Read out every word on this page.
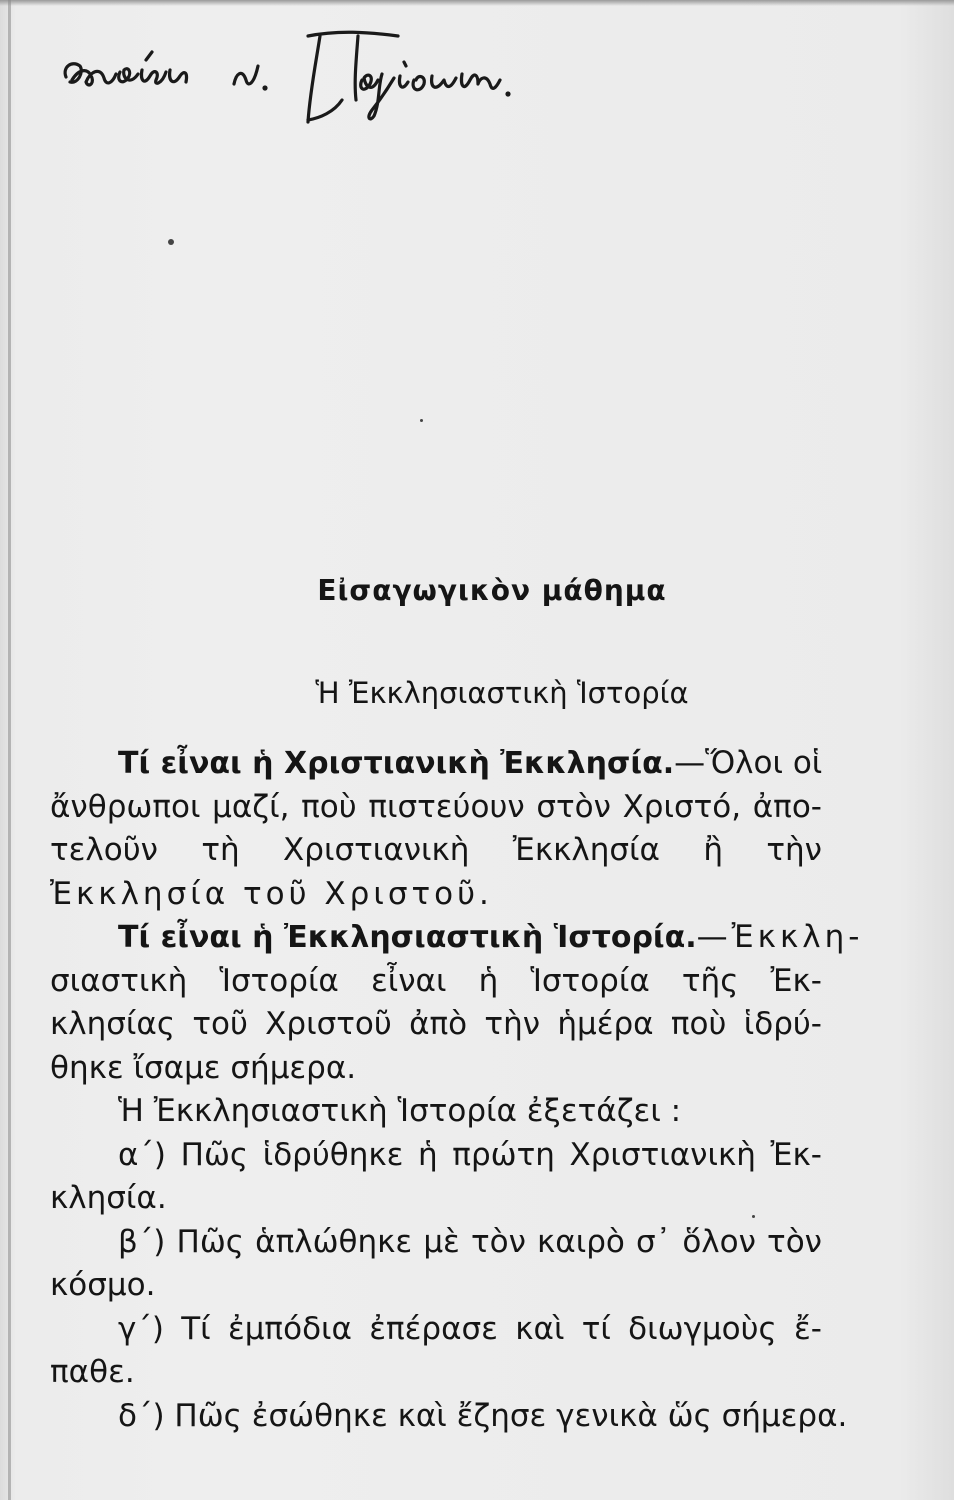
Εἰσαγωγικὸν μάθημα
Ἡ Ἐκκλησιαστικὴ Ἱστορία
Τί εἶναι ἡ Χριστιανικὴ Ἐκκλησία.—Ὅλοι οἱ
ἄνθρωποι μαζί, ποὺ πιστεύουν στὸν Χριστό, ἀπο-
τελοῦν τὴ Χριστιανικὴ Ἐκκλησία ἢ τὴν
Ἐκκλησία τοῦ Χριστοῦ.
Τί εἶναι ἡ Ἐκκλησιαστικὴ Ἱστορία.—Ἐκκλη-
σιαστικὴ Ἱστορία εἶναι ἡ Ἱστορία τῆς Ἐκ-
κλησίας τοῦ Χριστοῦ ἀπὸ τὴν ἡμέρα ποὺ ἱδρύ-
θηκε ἴσαμε σήμερα.
Ἡ Ἐκκλησιαστικὴ Ἱστορία ἐξετάζει :
α΄) Πῶς ἱδρύθηκε ἡ πρώτη Χριστιανικὴ Ἐκ-
κλησία.
β΄) Πῶς ἁπλώθηκε μὲ τὸν καιρὸ σ᾽ ὅλον τὸν
κόσμο.
γ΄) Τί ἐμπόδια ἐπέρασε καὶ τί διωγμοὺς ἔ-
παθε.
δ΄) Πῶς ἐσώθηκε καὶ ἔζησε γενικὰ ὥς σήμερα.
